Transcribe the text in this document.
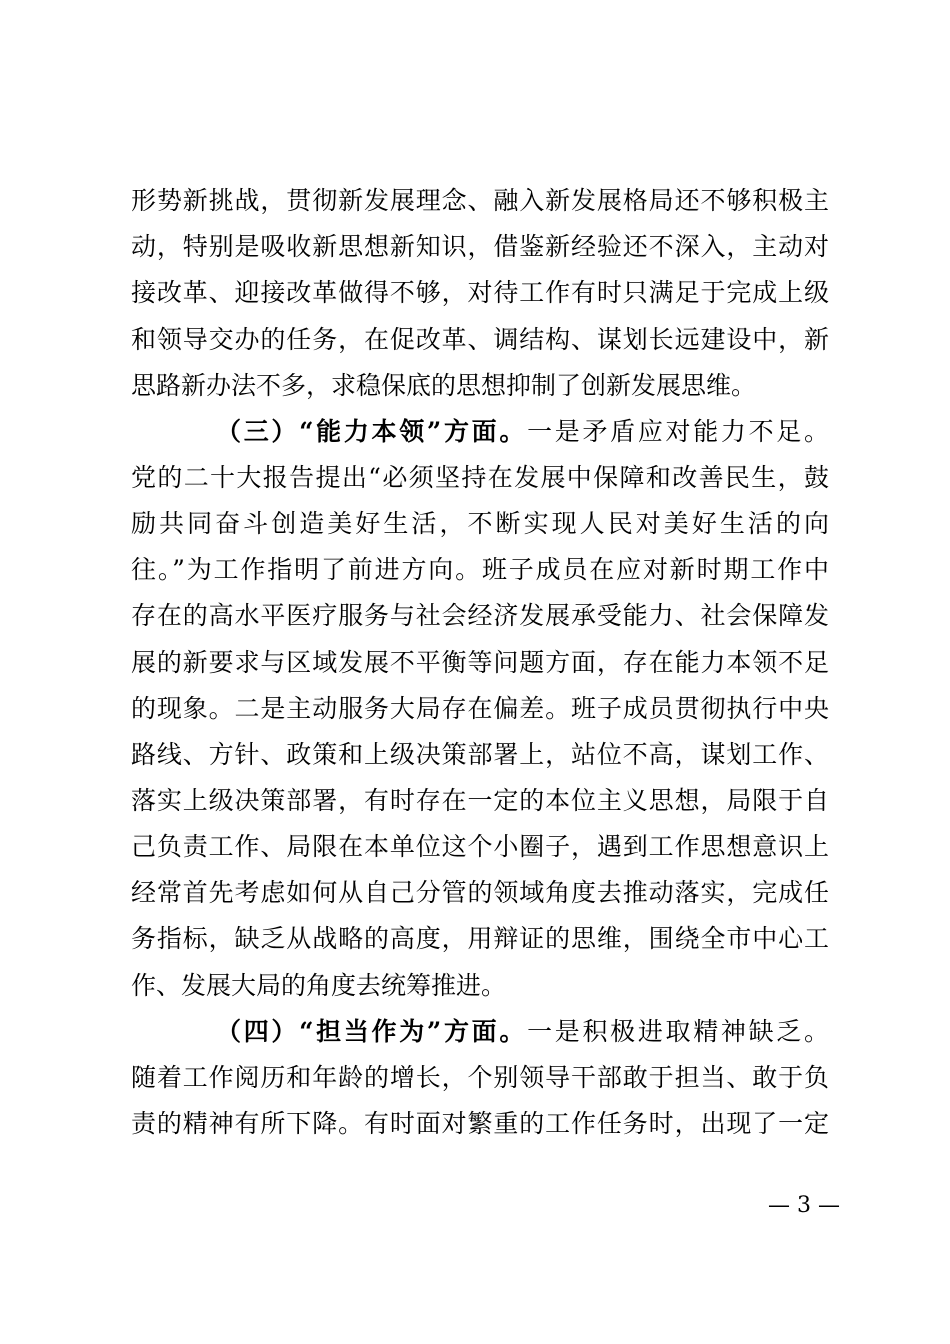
形势新挑战，贯彻新发展理念、融入新发展格局还不够积极主
动，特别是吸收新思想新知识，借鉴新经验还不深入，主动对
接改革、迎接改革做得不够，对待工作有时只满足于完成上级
和领导交办的任务，在促改革、调结构、谋划长远建设中，新
思路新办法不多，求稳保底的思想抑制了创新发展思维。
（三）“能力本领”方面。一是矛盾应对能力不足。
党的二十大报告提出“必须坚持在发展中保障和改善民生，鼓
励共同奋斗创造美好生活，不断实现人民对美好生活的向
往。”为工作指明了前进方向。班子成员在应对新时期工作中
存在的高水平医疗服务与社会经济发展承受能力、社会保障发
展的新要求与区域发展不平衡等问题方面，存在能力本领不足
的现象。二是主动服务大局存在偏差。班子成员贯彻执行中央
路线、方针、政策和上级决策部署上，站位不高，谋划工作、
落实上级决策部署，有时存在一定的本位主义思想，局限于自
己负责工作、局限在本单位这个小圈子，遇到工作思想意识上
经常首先考虑如何从自己分管的领域角度去推动落实，完成任
务指标，缺乏从战略的高度，用辩证的思维，围绕全市中心工
作、发展大局的角度去统筹推进。
（四）“担当作为”方面。一是积极进取精神缺乏。
随着工作阅历和年龄的增长，个别领导干部敢于担当、敢于负
责的精神有所下降。有时面对繁重的工作任务时，出现了一定
— 3 —
